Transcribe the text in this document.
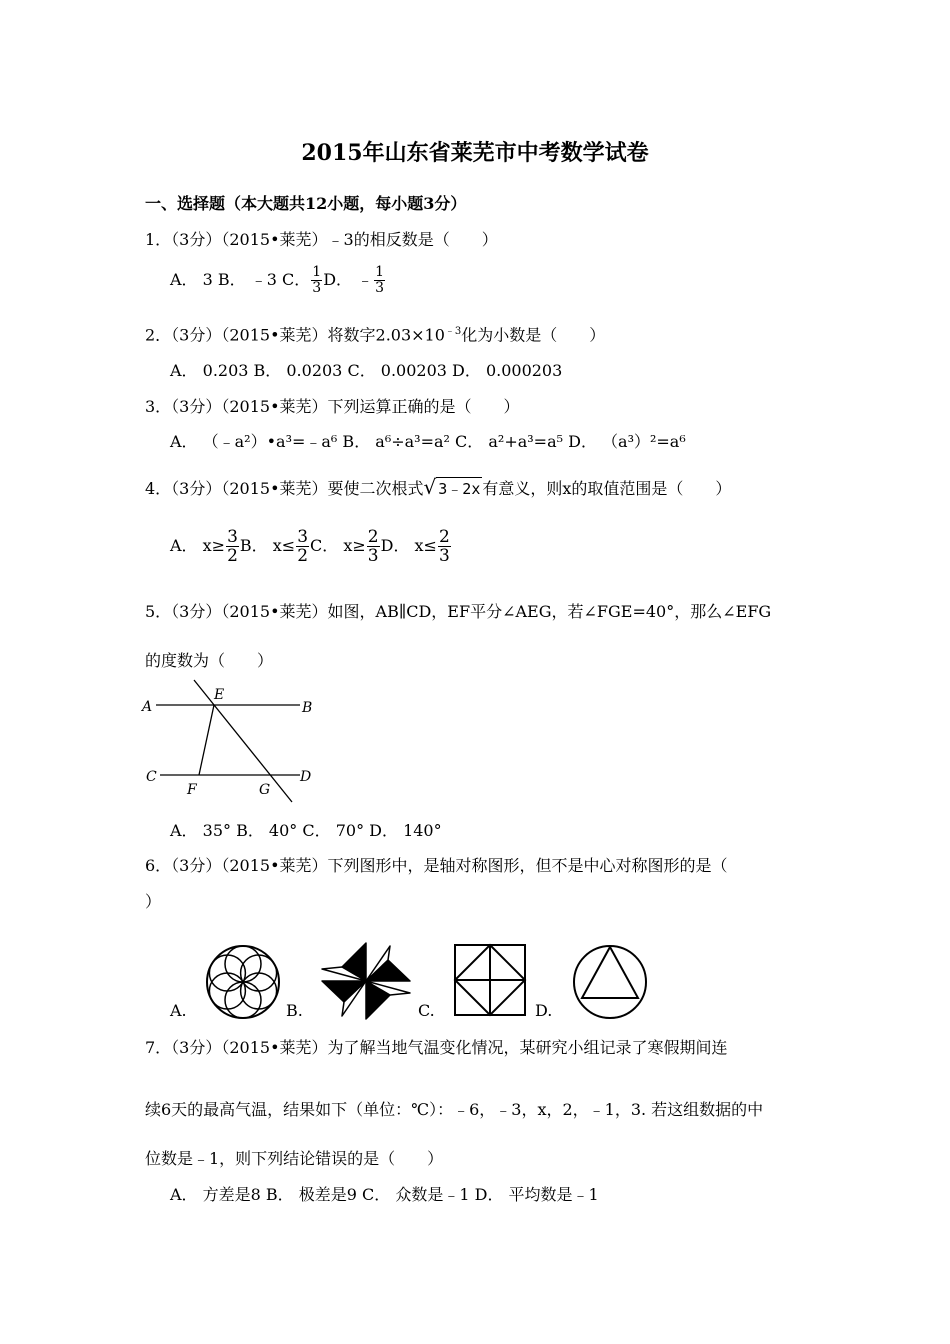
2015年山东省莱芜市中考数学试卷
一、选择题（本大题共12小题，每小题3分）
1．（3分）（2015•莱芜）﹣3的相反数是（　　）
A． 3 B． ﹣3 C． $\frac{1}{3}$ D． ﹣ $\frac{1}{3}$
2．（3分）（2015•莱芜）将数字$2.03\times 10^{﹣3}$化为小数是（　　）
A． 0.203 B． 0.0203 C． 0.00203 D． 0.000203
3．（3分）（2015•莱芜）下列运算正确的是（　　）
A． （﹣a²）•a³=﹣a⁶ B． a⁶÷a³=a² C． a²+a³=a⁵ D． （a³）²=a⁶
4．（3分）（2015•莱芜）要使二次根式√ 3﹣2x 有意义，则x的取值范围是（　　）
A． $x\ge \frac{3}{2}$ B． $x\le \frac{3}{2}$ C． $x\ge \frac{2}{3}$ D． $x\le \frac{2}{3}$
5．（3分）（2015•莱芜）如图，AB∥CD，EF平分∠AEG，若∠FGE=40°，那么∠EFG
的度数为（　　）
A
E
B
C
F	G
D
A． 35° B． 40° C． 70° D． 140°
6．（3分）（2015•莱芜）下列图形中，是轴对称图形，但不是中心对称图形的是（
）
A.	B.	C.	D.
7．（3分）（2015•莱芜）为了解当地气温变化情况，某研究小组记录了寒假期间连
续6天的最高气温，结果如下（单位：℃）：﹣6，﹣3，x，2，﹣1，3. 若这组数据的中
位数是﹣1，则下列结论错误的是（　　）
A． 方差是8 B． 极差是9 C． 众数是﹣1 D． 平均数是﹣1
